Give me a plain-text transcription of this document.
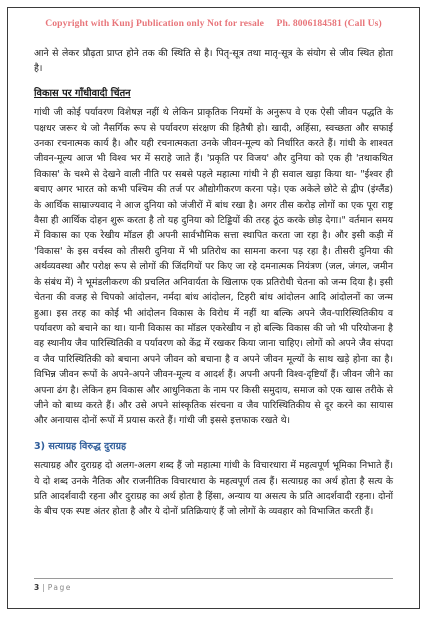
Copyright with Kunj Publication only Not for resale Ph. 8006184581 (Call Us)

आने से लेकर प्रौढ़ता प्राप्त होने तक की स्थिति से है। पितृ-सूत्र तथा मातृ-सूत्र के संयोग से जीव स्थित होता है।

विकास पर गाँधीवादी चिंतन

गांधी जी कोई पर्यावरण विशेषज्ञ नहीं थे लेकिन प्राकृतिक नियमों के अनुरूप वे एक ऐसी जीवन पद्धति के पक्षधर जरूर थे जो नैसर्गिक रूप से पर्यावरण संरक्षण की हितैषी हो। खादी, अहिंसा, स्वच्छता और सफाई उनका रचनात्मक कार्य है। और यही रचनात्मकता उनके जीवन-मूल्य को निर्धारित करते हैं। गांधी के शाश्वत जीवन-मूल्य आज भी विश्व भर में सराहे जाते हैं। 'प्रकृति पर विजय' और दुनिया को एक ही 'तथाकथित विकास' के चश्मे से देखने वाली नीति पर सबसे पहले महात्मा गांधी ने ही सवाल खड़ा किया था- "ईश्वर ही बचाए अगर भारत को कभी पश्चिम की तर्ज पर औद्योगीकरण करना पड़े। एक अकेले छोटे से द्वीप (इंग्लैंड) के आर्थिक साम्राज्यवाद ने आज दुनिया को जंजीरों में बांध रखा है। अगर तीस करोड़ लोगों का एक पूरा राष्ट्र वैसा ही आर्थिक दोहन शुरू करता है तो यह दुनिया को टिड्डियों की तरह ठूंठ करके छोड़ देगा।" वर्तमान समय में विकास का एक रेखीय मॉडल ही अपनी सार्वभौमिक सत्ता स्थापित करता जा रहा है। और इसी कड़ी में 'विकास' के इस वर्चस्व को तीसरी दुनिया में भी प्रतिरोध का सामना करना पड़ रहा है। तीसरी दुनिया की अर्थव्यवस्था और परोक्ष रूप से लोगों की जिंदगियों पर किए जा रहे दमनात्मक नियंत्रण (जल, जंगल, जमीन के संबंध में) ने भूमंडलीकरण की प्रचलित अनिवार्यता के खिलाफ एक प्रतिरोधी चेतना को जन्म दिया है। इसी चेतना की वजह से चिपको आंदोलन, नर्मदा बांध आंदोलन, टिहरी बांध आंदोलन आदि आंदोलनों का जन्म हुआ। इस तरह का कोई भी आंदोलन विकास के विरोध में नहीं था बल्कि अपने जैव-पारिस्थितिकीय व पर्यावरण को बचाने का था। यानी विकास का मॉडल एकरेखीय न हो बल्कि विकास की जो भी परियोजना है वह स्थानीय जैव पारिस्थितिकी व पर्यावरण को केंद्र में रखकर किया जाना चाहिए। लोगों को अपने जैव संपदा व जैव पारिस्थितिकी को बचाना अपने जीवन को बचाना है व अपने जीवन मूल्यों के साथ खड़े होना का है। विभिन्न जीवन रूपों के अपने-अपने जीवन-मूल्य व आदर्श हैं। अपनी अपनी विश्व-दृष्टियाँ हैं। जीवन जीने का अपना ढंग है। लेकिन हम विकास और आधुनिकता के नाम पर किसी समुदाय, समाज को एक खास तरीके से जीने को बाध्य करते हैं। और उसे अपने सांस्कृतिक संरचना व जैव पारिस्थितिकीय से दूर करने का सायास और अनायास दोनों रूपों में प्रयास करते हैं। गांधी जी इससे इत्तफाक रखते थे।

3) सत्याग्रह विरुद्ध दुराग्रह

सत्याग्रह और दुराग्रह दो अलग-अलग शब्द हैं जो महात्मा गांधी के विचारधारा में महत्वपूर्ण भूमिका निभाते हैं। ये दो शब्द उनके नैतिक और राजनीतिक विचारधारा के महत्वपूर्ण तत्व हैं। सत्याग्रह का अर्थ होता है सत्य के प्रति आदर्शवादी रहना और दुराग्रह का अर्थ होता है हिंसा, अन्याय या असत्य के प्रति आदर्शवादी रहना। दोनों के बीच एक स्पष्ट अंतर होता है और ये दोनों प्रतिक्रियाएं हैं जो लोगों के व्यवहार को विभाजित करती हैं।

3 | Page
